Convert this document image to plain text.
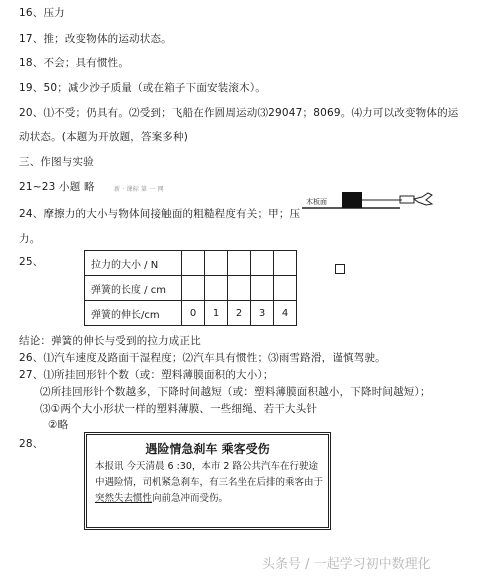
16、压力
17、推；改变物体的运动状态。
18、不会；具有惯性。
19、50；减少沙子质量（或在箱子下面安装滚木）。
20、⑴不受；仍具有。⑵受到；飞船在作圆周运动⑶29047；8069。⑷力可以改变物体的运
动状态。(本题为开放题，答案多种)
三、作图与实验
21~23 小题 略	新 · 课标 第 一 网
木板面
24、摩擦力的大小与物体间接触面的粗糙程度有关；甲；压
力。
25、	拉力的大小 / N					
弹簧的长度 / cm					
弹簧的伸长/cm	0	1	2	3	4
结论：弹簧的伸长与受到的拉力成正比
26、⑴汽车速度及路面干湿程度；⑵汽车具有惯性；⑶雨雪路滑，谨慎驾驶。
27、⑴所挂回形针个数（或：塑料薄膜面积的大小）；
⑵所挂回形针个数越多，下降时间越短（或：塑料薄膜面积越小，下降时间越短）；
⑶①两个大小形状一样的塑料薄膜、一些细绳、若干大头针
②略
28、	遇险情急刹车 乘客受伤
本报讯 今天清晨 6 :30，本市 2 路公共汽车在行驶途中遇险情，司机紧急刹车，有三名坐在后排的乘客由于突然失去惯性向前急冲而受伤。
头条号 / 一起学习初中数理化
